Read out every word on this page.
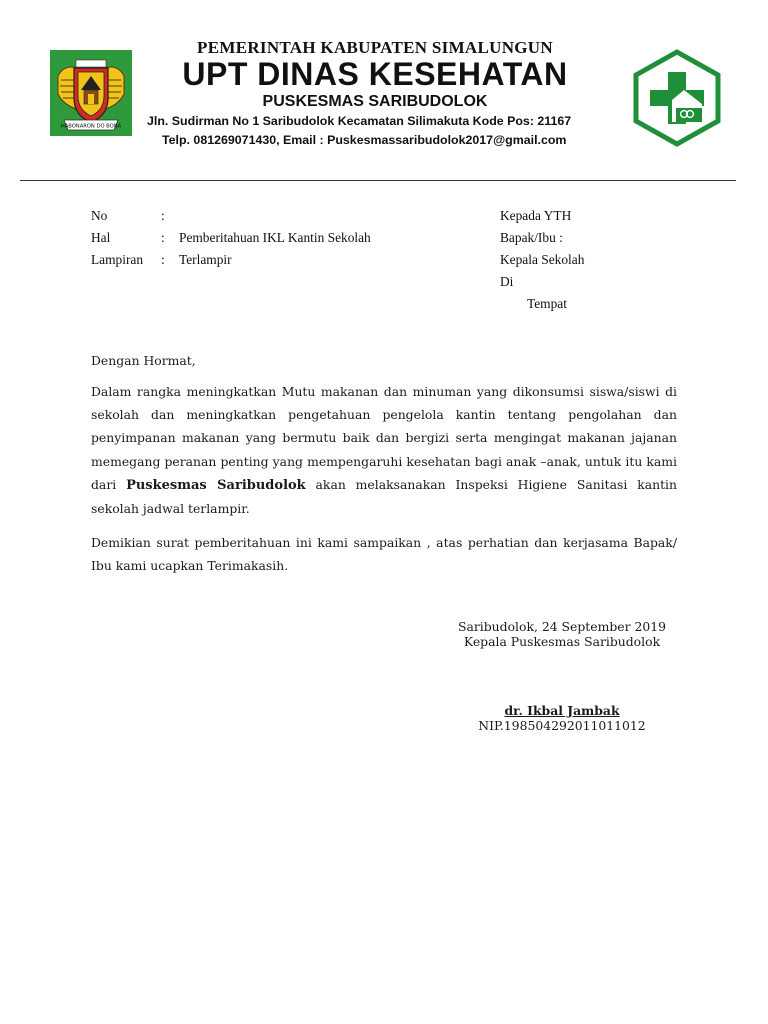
HABONARON DO BONA
PEMERINTAH KABUPATEN SIMALUNGUN
UPT DINAS KESEHATAN
PUSKESMAS SARIBUDOLOK
Jln. Sudirman No 1 Saribudolok Kecamatan Silimakuta Kode Pos: 21167
Telp. 081269071430, Email : Puskesmassaribudolok2017@gmail.com
No	:
Hal	: Pemberitahuan IKL Kantin Sekolah
Lampiran : Terlampir
Kepada YTH
Bapak/Ibu :
Kepala Sekolah
Di
Tempat
Dengan Hormat,
Dalam rangka meningkatkan Mutu makanan dan minuman yang dikonsumsi siswa/siswi di sekolah dan meningkatkan pengetahuan pengelola kantin tentang pengolahan dan penyimpanan makanan yang bermutu baik dan bergizi serta mengingat makanan jajanan memegang peranan penting yang mempengaruhi kesehatan bagi anak –anak, untuk itu kami dari Puskesmas Saribudolok akan melaksanakan Inspeksi Higiene Sanitasi kantin sekolah jadwal terlampir.
Demikian surat pemberitahuan ini kami sampaikan , atas perhatian dan kerjasama Bapak/ Ibu kami ucapkan Terimakasih.
Saribudolok, 24 September 2019
Kepala Puskesmas Saribudolok
dr. Ikbal Jambak
NIP.198504292011011012
